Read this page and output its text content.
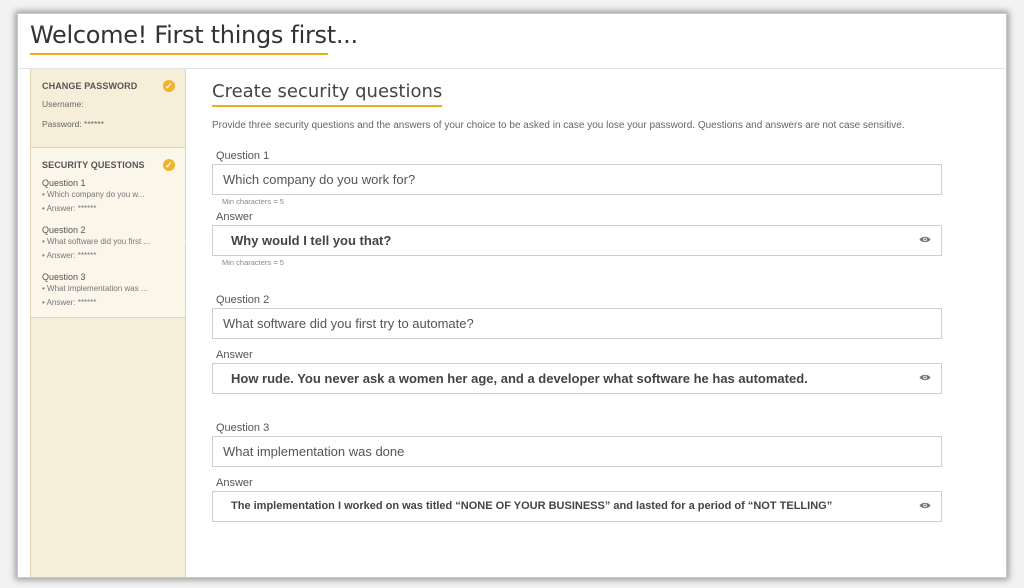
Welcome! First things first...
CHANGE PASSWORD	✓
Username:
Password: ******
SECURITY QUESTIONS ✓
Question 1
• Which company do you w...
• Answer: ******
Question 2
• What software did you first ...
• Answer: ******
Question 3
• What implementation was ...
• Answer: ******
Create security questions
Provide three security questions and the answers of your choice to be asked in case you lose your password. Questions and answers are not case sensitive.
Question 1
Which company do you work for?
Min characters = 5
Answer
Why would I tell you that?
Min characters = 5
Question 2
What software did you first try to automate?
Answer
How rude. You never ask a women her age, and a developer what software he has automated.
Question 3
What implementation was done
Answer
The implementation I worked on was titled “NONE OF YOUR BUSINESS” and lasted for a period of “NOT TELLING”
